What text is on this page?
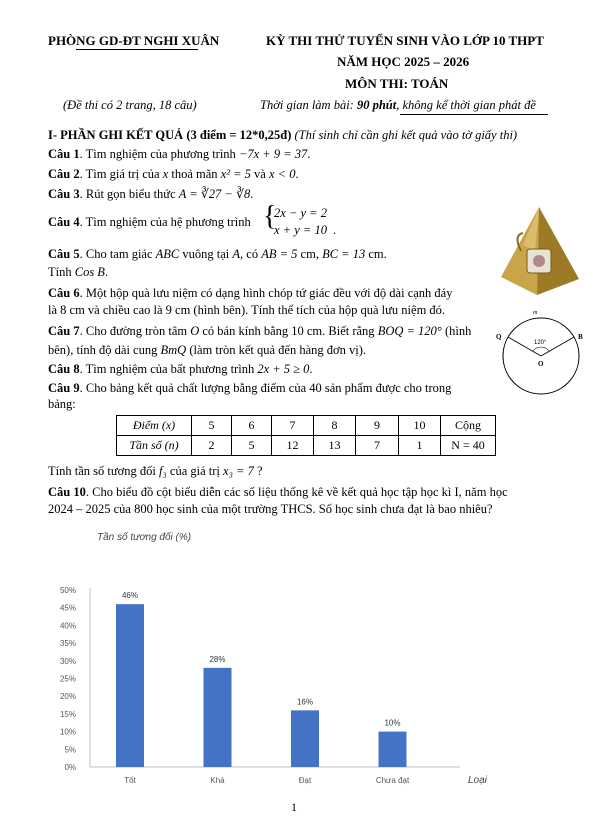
PHÒNG GD-ĐT NGHI XUÂN	KỲ THI THỬ TUYỂN SINH VÀO LỚP 10 THPT
NĂM HỌC 2025 – 2026
MÔN THI: TOÁN
(Đề thi có 2 trang, 18 câu)	Thời gian làm bài: 90 phút, không kể thời gian phát đề
I- PHẦN GHI KẾT QUẢ (3 điểm = 12*0,25đ) (Thí sinh chỉ cần ghi kết quả vào tờ giấy thi)
Câu 1. Tìm nghiệm của phương trình −7x + 9 = 37.
Câu 2. Tìm giá trị của x thoả mãn x² = 5 và x < 0.
Câu 3. Rút gọn biểu thức A = ∛27 − ∛8.
Câu 4. Tìm nghiệm của hệ phương trình {
2x − y = 2
x + y = 10 .
Câu 5. Cho tam giác ABC vuông tại A, có AB = 5 cm, BC = 13 cm.
Tính Cos B.
Câu 6. Một hộp quà lưu niệm có dạng hình chóp tứ giác đều với độ dài cạnh đáy
là 8 cm và chiều cao là 9 cm (hình bên). Tính thể tích của hộp quà lưu niệm đó.
Câu 7. Cho đường tròn tâm O có bán kính bằng 10 cm. Biết rằng BOQ = 120° (hình
bên), tính độ dài cung BmQ (làm tròn kết quả đến hàng đơn vị).
Câu 8. Tìm nghiệm của bất phương trình 2x + 5 ≥ 0.
Câu 9. Cho bảng kết quả chất lượng bằng điểm của 40 sản phẩm được cho trong
bảng:
Điểm (x)	5	6	7	8	9	10	Cộng
Tần số (n)	2	5	12	13	7	1	N = 40
Tính tần số tương đối f₃ của giá trị x₃ = 7 ?
Câu 10. Cho biểu đồ cột biểu diễn các số liệu thống kê về kết quả học tập học kì I, năm học
2024 – 2025 của 800 học sinh của một trường THCS. Số học sinh chưa đạt là bao nhiêu?
120°
m
Q	B
O
Tần số tương đối (%)
0%
5%
10%
15%
20%
25%
30%
35%
40%
45%
50%
46%
Tốt
28%
Khá
16%
Đạt
10%
Chưa đạt	Loại
1
